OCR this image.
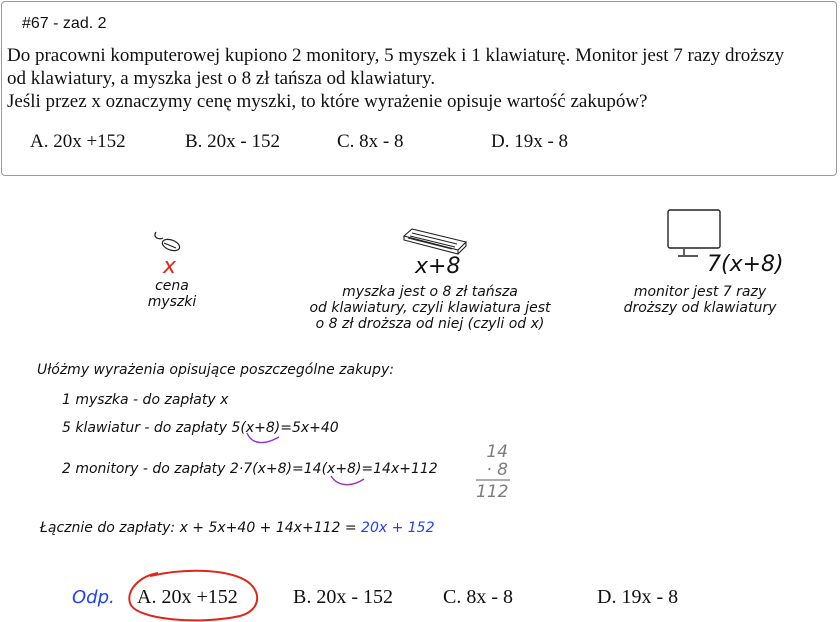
#67 - zad. 2
Do pracowni komputerowej kupiono 2 monitory, 5 myszek i 1 klawiaturę. Monitor jest 7 razy droższy
od klawiatury, a myszka jest o 8 zł tańsza od klawiatury.
Jeśli przez x oznaczymy cenę myszki, to które wyrażenie opisuje wartość zakupów?
A. 20x +152	B. 20x - 152	C. 8x - 8	D. 19x - 8
x
cena
myszki
x+8
myszka jest o 8 zł tańsza
od klawiatury, czyli klawiatura jest
o 8 zł droższa od niej (czyli od x)
7(x+8)
monitor jest 7 razy
droższy od klawiatury
Ułóżmy wyrażenia opisujące poszczególne zakupy:
1 myszka - do zapłaty x
5 klawiatur - do zapłaty 5(x+8)=5x+40
2 monitory - do zapłaty 2·7(x+8)=14(x+8)=14x+112
14
· 8
112
Łącznie do zapłaty: x + 5x+40 + 14x+112 = 20x + 152
Odp. A. 20x +152	B. 20x - 152	C. 8x - 8	D. 19x - 8
